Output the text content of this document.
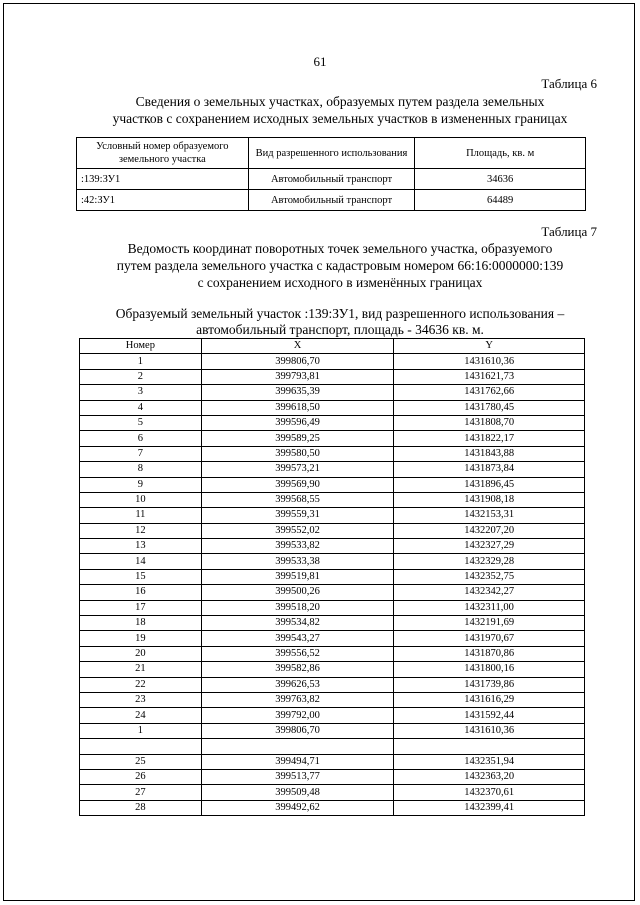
61
Таблица 6
Сведения о земельных участках, образуемых путем раздела земельных
участков с сохранением исходных земельных участков в измененных границах
Условный номер образуемого земельного участка	Вид разрешенного использования	Площадь, кв. м
:139:ЗУ1	Автомобильный транспорт	34636
:42:ЗУ1	Автомобильный транспорт	64489
Таблица 7
Ведомость координат поворотных точек земельного участка, образуемого
путем раздела земельного участка с кадастровым номером 66:16:0000000:139
с сохранением исходного в изменённых границах
Образуемый земельный участок :139:ЗУ1, вид разрешенного использования –
автомобильный транспорт, площадь - 34636 кв. м.
Номер	X	Y
1	399806,70	1431610,36
2	399793,81	1431621,73
3	399635,39	1431762,66
4	399618,50	1431780,45
5	399596,49	1431808,70
6	399589,25	1431822,17
7	399580,50	1431843,88
8	399573,21	1431873,84
9	399569,90	1431896,45
10	399568,55	1431908,18
11	399559,31	1432153,31
12	399552,02	1432207,20
13	399533,82	1432327,29
14	399533,38	1432329,28
15	399519,81	1432352,75
16	399500,26	1432342,27
17	399518,20	1432311,00
18	399534,82	1432191,69
19	399543,27	1431970,67
20	399556,52	1431870,86
21	399582,86	1431800,16
22	399626,53	1431739,86
23	399763,82	1431616,29
24	399792,00	1431592,44
1	399806,70	1431610,36

25	399494,71	1432351,94
26	399513,77	1432363,20
27	399509,48	1432370,61
28	399492,62	1432399,41
